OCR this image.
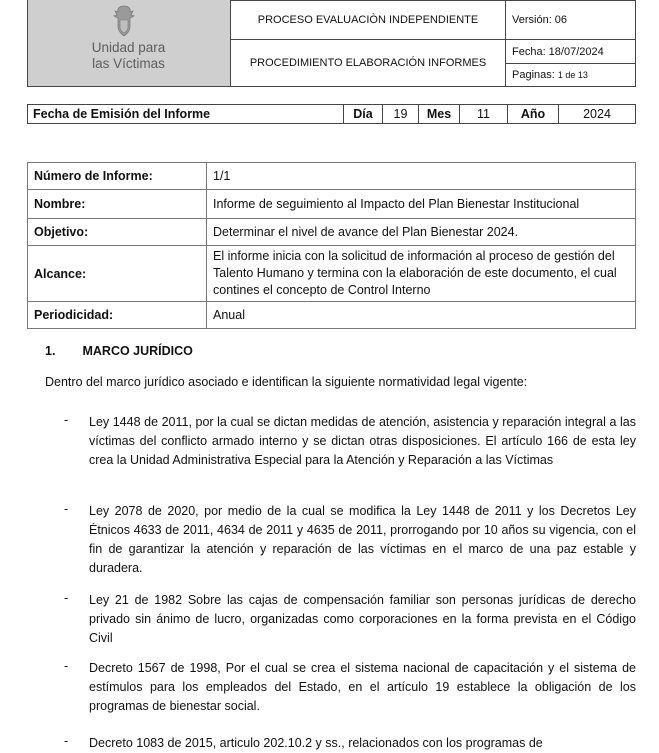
Unidad para
las Víctimas
PROCESO EVALUACIÒN INDEPENDIENTE	Versión: 06
PROCEDIMIENTO ELABORACIÓN INFORMES	Fecha: 18/07/2024
	Paginas: 1 de 13
Fecha de Emisión del Informe	Día	19	Mes	11	Año	2024
Número de Informe:	1/1
Nombre:	Informe de seguimiento al Impacto del Plan Bienestar Institucional
Objetivo:	Determinar el nivel de avance del Plan Bienestar 2024.
Alcance:	El informe inicia con la solicitud de información al proceso de gestión del Talento Humano y termina con la elaboración de este documento, el cual contines el concepto de Control Interno
Periodicidad:	Anual
1. MARCO JURÍDICO
Dentro del marco jurídico asociado e identifican la siguiente normatividad legal vigente:
- Ley 1448 de 2011, por la cual se dictan medidas de atención, asistencia y reparación integral a las víctimas del conflicto armado interno y se dictan otras disposiciones. El artículo 166 de esta ley crea la Unidad Administrativa Especial para la Atención y Reparación a las Víctimas
- Ley 2078 de 2020, por medio de la cual se modifica la Ley 1448 de 2011 y los Decretos Ley Étnicos 4633 de 2011, 4634 de 2011 y 4635 de 2011, prorrogando por 10 años su vigencia, con el fin de garantizar la atención y reparación de las víctimas en el marco de una paz estable y duradera.
- Ley 21 de 1982 Sobre las cajas de compensación familiar son personas jurídicas de derecho privado sin ánimo de lucro, organizadas como corporaciones en la forma prevista en el Código Civil
- Decreto 1567 de 1998, Por el cual se crea el sistema nacional de capacitación y el sistema de estímulos para los empleados del Estado, en el artículo 19 establece la obligación de los programas de bienestar social.
- Decreto 1083 de 2015, articulo 202.10.2 y ss., relacionados con los programas de
